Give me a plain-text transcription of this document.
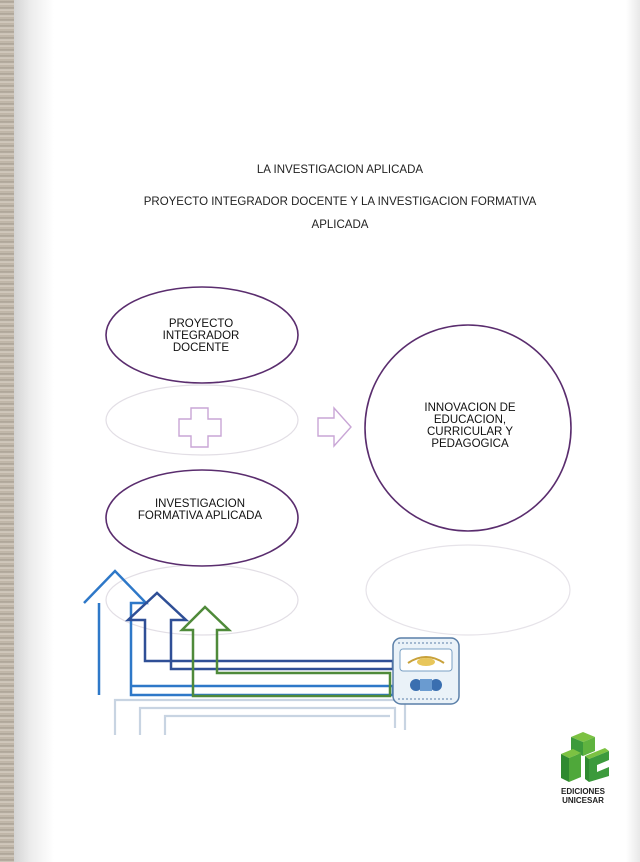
LA INVESTIGACION APLICADA
PROYECTO INTEGRADOR DOCENTE Y LA INVESTIGACION FORMATIVA
APLICADA
PROYECTO INTEGRADOR DOCENTE
INVESTIGACION FORMATIVA APLICADA
INNOVACION DE EDUCACION, CURRICULAR Y PEDAGOGICA
EDICIONES
UNICESAR
